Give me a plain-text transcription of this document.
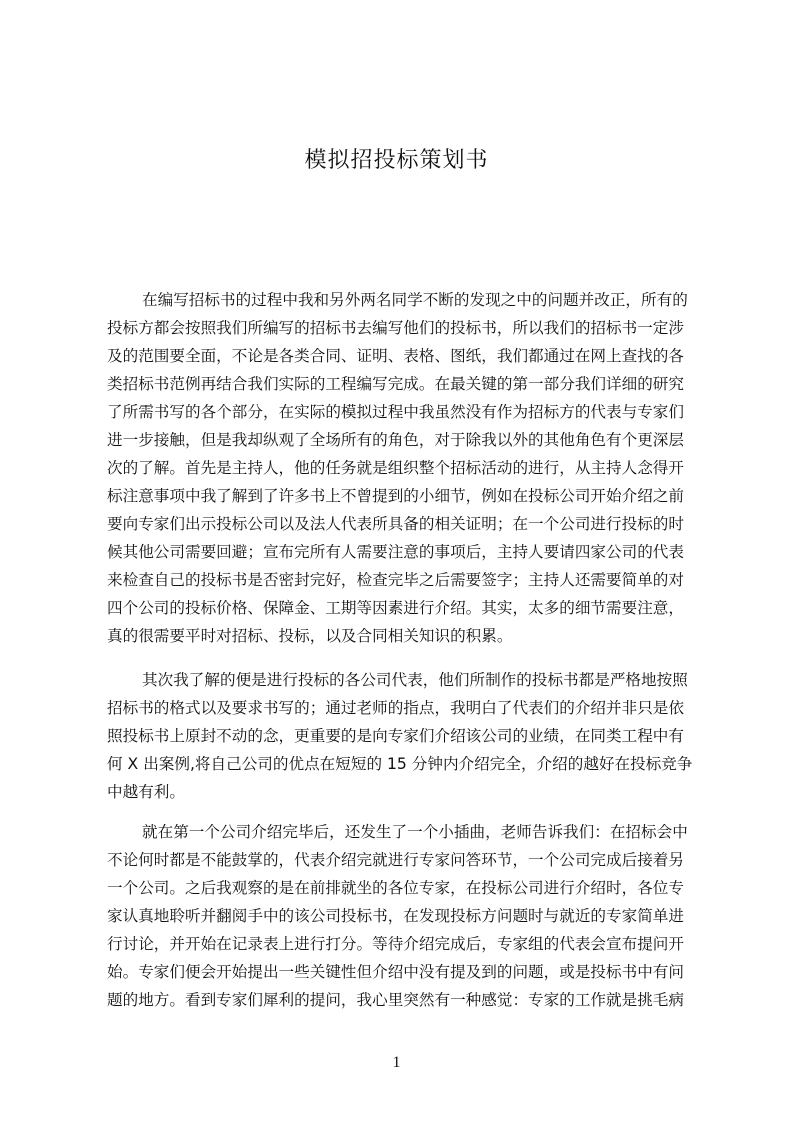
模拟招投标策划书
在编写招标书的过程中我和另外两名同学不断的发现之中的问题并改正，所有的
投标方都会按照我们所编写的招标书去编写他们的投标书，所以我们的招标书一定涉
及的范围要全面，不论是各类合同、证明、表格、图纸，我们都通过在网上查找的各
类招标书范例再结合我们实际的工程编写完成。在最关键的第一部分我们详细的研究
了所需书写的各个部分，在实际的模拟过程中我虽然没有作为招标方的代表与专家们
进一步接触，但是我却纵观了全场所有的角色，对于除我以外的其他角色有个更深层
次的了解。首先是主持人，他的任务就是组织整个招标活动的进行，从主持人念得开
标注意事项中我了解到了许多书上不曾提到的小细节，例如在投标公司开始介绍之前
要向专家们出示投标公司以及法人代表所具备的相关证明；在一个公司进行投标的时
候其他公司需要回避；宣布完所有人需要注意的事项后，主持人要请四家公司的代表
来检查自己的投标书是否密封完好，检查完毕之后需要签字；主持人还需要简单的对
四个公司的投标价格、保障金、工期等因素进行介绍。其实，太多的细节需要注意，
真的很需要平时对招标、投标，以及合同相关知识的积累。
其次我了解的便是进行投标的各公司代表，他们所制作的投标书都是严格地按照
招标书的格式以及要求书写的；通过老师的指点，我明白了代表们的介绍并非只是依
照投标书上原封不动的念，更重要的是向专家们介绍该公司的业绩，在同类工程中有
何 X 出案例,将自己公司的优点在短短的 15 分钟内介绍完全，介绍的越好在投标竞争
中越有利。
就在第一个公司介绍完毕后，还发生了一个小插曲，老师告诉我们：在招标会中
不论何时都是不能鼓掌的，代表介绍完就进行专家问答环节，一个公司完成后接着另
一个公司。之后我观察的是在前排就坐的各位专家，在投标公司进行介绍时，各位专
家认真地聆听并翻阅手中的该公司投标书，在发现投标方问题时与就近的专家简单进
行讨论，并开始在记录表上进行打分。等待介绍完成后，专家组的代表会宣布提问开
始。专家们便会开始提出一些关键性但介绍中没有提及到的问题，或是投标书中有问
题的地方。看到专家们犀利的提问，我心里突然有一种感觉：专家的工作就是挑毛病
1
